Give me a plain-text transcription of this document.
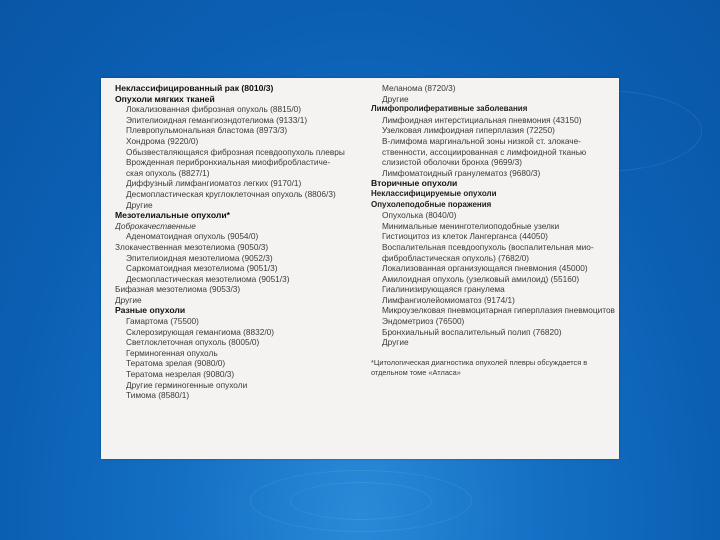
Неклассифицированный рак (8010/3)
Опухоли мягких тканей
Локализованная фиброзная опухоль (8815/0)
Эпителиоидная гемангиоэндотелиома (9133/1)
Плевропульмональная бластома (8973/3)
Хондрома (9220/0)
Обызвествляющаяся фиброзная псевдоопухоль плевры
Врожденная перибронхиальная миофибробластиче-
ская опухоль (8827/1)
Диффузный лимфангиоматоз легких (9170/1)
Десмопластическая круглоклеточная опухоль (8806/3)
Другие
Мезотелиальные опухоли*
Доброкачественные
Аденоматоидная опухоль (9054/0)
Злокачественная мезотелиома (9050/3)
Эпителиоидная мезотелиома (9052/3)
Саркоматоидная мезотелиома (9051/3)
Десмопластическая мезотелиома (9051/3)
Бифазная мезотелиома (9053/3)
Другие
Разные опухоли
Гамартома (75500)
Склерозирующая гемангиома (8832/0)
Светлоклеточная опухоль (8005/0)
Герминогенная опухоль
Тератома зрелая (9080/0)
Тератома незрелая (9080/3)
Другие герминогенные опухоли
Тимома (8580/1)
Меланома (8720/3)
Другие
Лимфопролиферативные заболевания
Лимфоидная интерстициальная пневмония (43150)
Узелковая лимфоидная гиперплазия (72250)
В-лимфома маргинальной зоны низкой ст. злокаче-
ственности, ассоциированная с лимфоидной тканью
слизистой оболочки бронха (9699/3)
Лимфоматоидный гранулематоз (9680/3)
Вторичные опухоли
Неклассифицируемые опухоли
Опухолеподобные поражения
Опухолька (8040/0)
Минимальные менинготелиоподобные узелки
Гистиоцитоз из клеток Лангерганса (44050)
Воспалительная псевдоопухоль (воспалительная мио-
фибробластическая опухоль) (7682/0)
Локализованная организующаяся пневмония (45000)
Амилоидная опухоль (узелковый амилоид) (55160)
Гиалинизирующаяся гранулема
Лимфангиолейомиоматоз (9174/1)
Микроузелковая пневмоцитарная гиперплазия пневмоцитов
Эндометриоз (76500)
Бронхиальный воспалительный полип (76820)
Другие
*Цитологическая диагностика опухолей плевры обсуждается в отдельном томе «Атласа»
